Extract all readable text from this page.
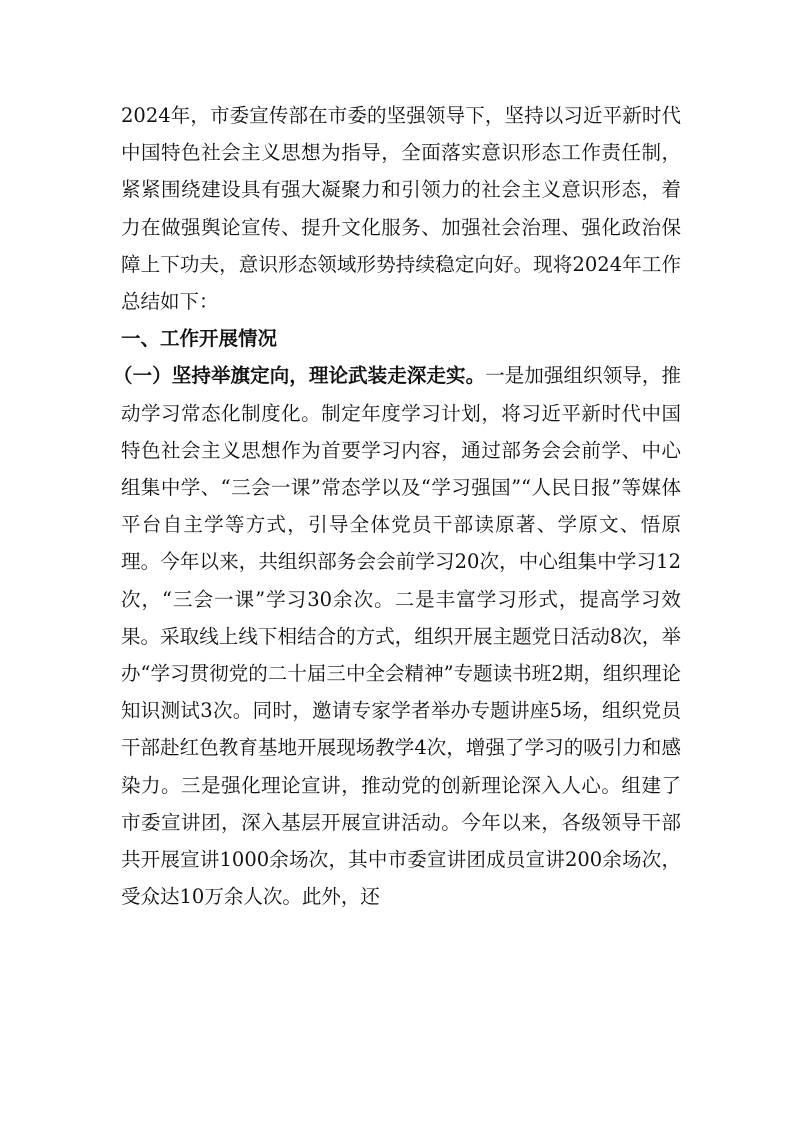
2024年，市委宣传部在市委的坚强领导下，坚持以习近平新时代中国特色社会主义思想为指导，全面落实意识形态工作责任制，紧紧围绕建设具有强大凝聚力和引领力的社会主义意识形态，着力在做强舆论宣传、提升文化服务、加强社会治理、强化政治保障上下功夫，意识形态领域形势持续稳定向好。现将2024年工作总结如下：

一、工作开展情况

（一）坚持举旗定向，理论武装走深走实。一是加强组织领导，推动学习常态化制度化。制定年度学习计划，将习近平新时代中国特色社会主义思想作为首要学习内容，通过部务会会前学、中心组集中学、“三会一课”常态学以及“学习强国”“人民日报”等媒体平台自主学等方式，引导全体党员干部读原著、学原文、悟原理。今年以来，共组织部务会会前学习20次，中心组集中学习12次，“三会一课”学习30余次。二是丰富学习形式，提高学习效果。采取线上线下相结合的方式，组织开展主题党日活动8次，举办“学习贯彻党的二十届三中全会精神”专题读书班2期，组织理论知识测试3次。同时，邀请专家学者举办专题讲座5场，组织党员干部赴红色教育基地开展现场教学4次，增强了学习的吸引力和感染力。三是强化理论宣讲，推动党的创新理论深入人心。组建了市委宣讲团，深入基层开展宣讲活动。今年以来，各级领导干部共开展宣讲1000余场次，其中市委宣讲团成员宣讲200余场次，受众达10万余人次。此外，还
